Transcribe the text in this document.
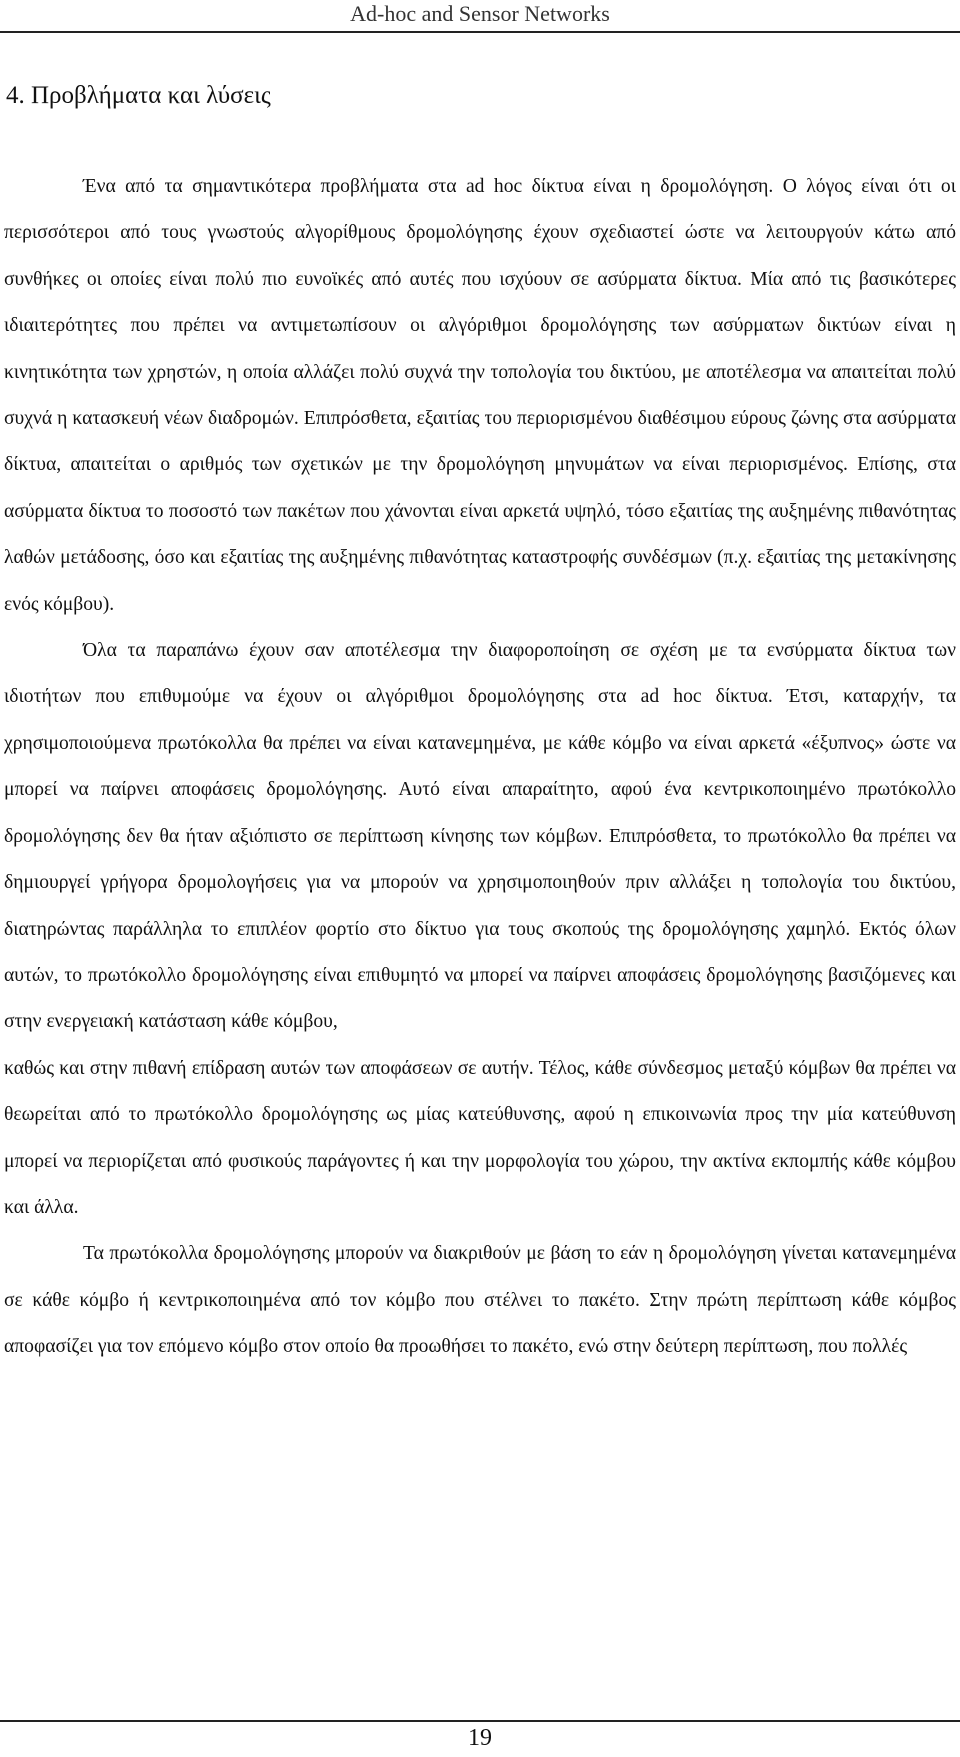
Ad-hoc and Sensor Networks
4. Προβλήματα και λύσεις

Ένα από τα σημαντικότερα προβλήματα στα ad hoc δίκτυα είναι η δρομολόγηση. Ο λόγος είναι ότι οι περισσότεροι από τους γνωστούς αλγορίθμους δρομολόγησης έχουν σχεδιαστεί ώστε να λειτουργούν κάτω από συνθήκες οι οποίες είναι πολύ πιο ευνοϊκές από αυτές που ισχύουν σε ασύρματα δίκτυα. Μία από τις βασικότερες ιδιαιτερότητες που πρέπει να αντιμετωπίσουν οι αλγόριθμοι δρομολόγησης των ασύρματων δικτύων είναι η κινητικότητα των χρηστών, η οποία αλλάζει πολύ συχνά την τοπολογία του δικτύου, με αποτέλεσμα να απαιτείται πολύ συχνά η κατασκευή νέων διαδρομών. Επιπρόσθετα, εξαιτίας του περιορισμένου διαθέσιμου εύρους ζώνης στα ασύρματα δίκτυα, απαιτείται ο αριθμός των σχετικών με την δρομολόγηση μηνυμάτων να είναι περιορισμένος. Επίσης, στα ασύρματα δίκτυα το ποσοστό των πακέτων που χάνονται είναι αρκετά υψηλό, τόσο εξαιτίας της αυξημένης πιθανότητας λαθών μετάδοσης, όσο και εξαιτίας της αυξημένης πιθανότητας καταστροφής συνδέσμων (π.χ. εξαιτίας της μετακίνησης ενός κόμβου).

Όλα τα παραπάνω έχουν σαν αποτέλεσμα την διαφοροποίηση σε σχέση με τα ενσύρματα δίκτυα των ιδιοτήτων που επιθυμούμε να έχουν οι αλγόριθμοι δρομολόγησης στα ad hoc δίκτυα. Έτσι, καταρχήν, τα χρησιμοποιούμενα πρωτόκολλα θα πρέπει να είναι κατανεμημένα, με κάθε κόμβο να είναι αρκετά «έξυπνος» ώστε να μπορεί να παίρνει αποφάσεις δρομολόγησης. Αυτό είναι απαραίτητο, αφού ένα κεντρικοποιημένο πρωτόκολλο δρομολόγησης δεν θα ήταν αξιόπιστο σε περίπτωση κίνησης των κόμβων. Επιπρόσθετα, το πρωτόκολλο θα πρέπει να δημιουργεί γρήγορα δρομολογήσεις για να μπορούν να χρησιμοποιηθούν πριν αλλάξει η τοπολογία του δικτύου, διατηρώντας παράλληλα το επιπλέον φορτίο στο δίκτυο για τους σκοπούς της δρομολόγησης χαμηλό. Εκτός όλων αυτών, το πρωτόκολλο δρομολόγησης είναι επιθυμητό να μπορεί να παίρνει αποφάσεις δρομολόγησης βασιζόμενες και στην ενεργειακή κατάσταση κάθε κόμβου,

καθώς και στην πιθανή επίδραση αυτών των αποφάσεων σε αυτήν. Τέλος, κάθε σύνδεσμος μεταξύ κόμβων θα πρέπει να θεωρείται από το πρωτόκολλο δρομολόγησης ως μίας κατεύθυνσης, αφού η επικοινωνία προς την μία κατεύθυνση μπορεί να περιορίζεται από φυσικούς παράγοντες ή και την μορφολογία του χώρου, την ακτίνα εκπομπής κάθε κόμβου και άλλα.

Τα πρωτόκολλα δρομολόγησης μπορούν να διακριθούν με βάση το εάν η δρομολόγηση γίνεται κατανεμημένα σε κάθε κόμβο ή κεντρικοποιημένα από τον κόμβο που στέλνει το πακέτο. Στην πρώτη περίπτωση κάθε κόμβος αποφασίζει για τον επόμενο κόμβο στον οποίο θα προωθήσει το πακέτο, ενώ στην δεύτερη περίπτωση, που πολλές

19
